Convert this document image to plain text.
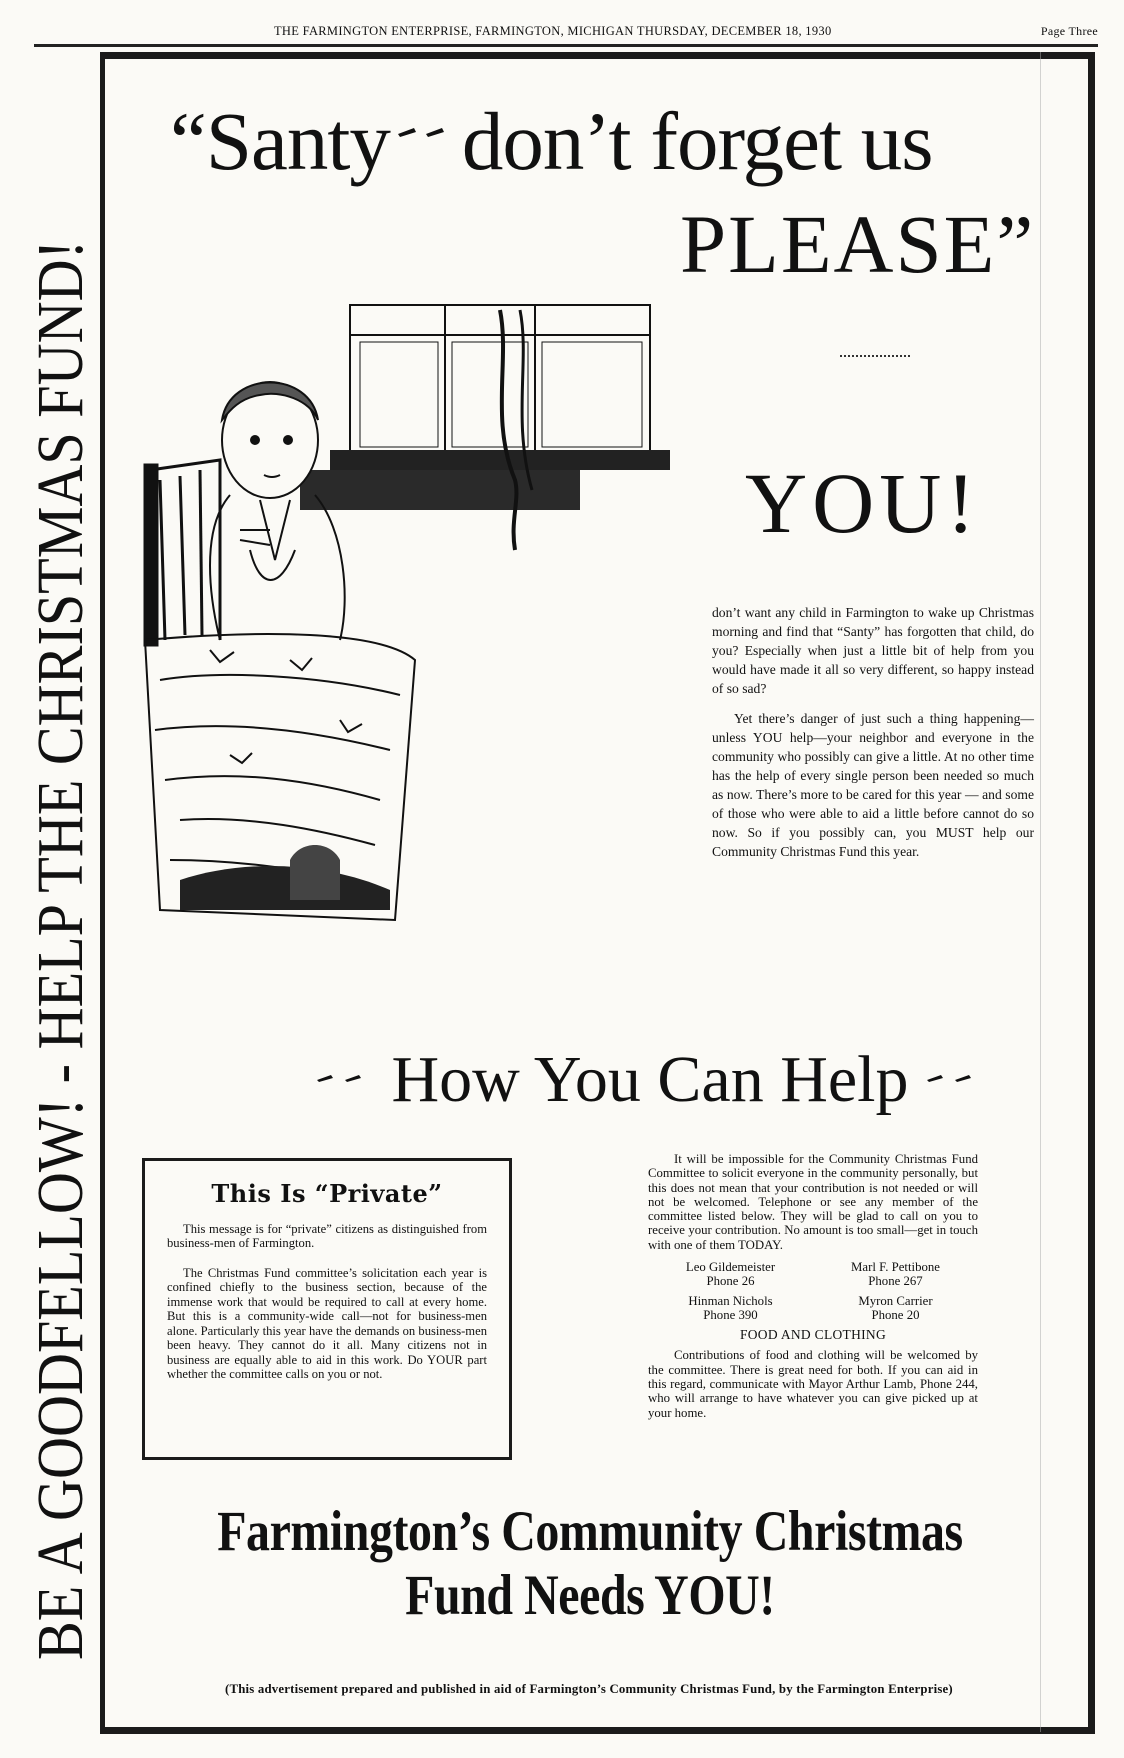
THE FARMINGTON ENTERPRISE, FARMINGTON, MICHIGAN THURSDAY, DECEMBER 18, 1930	Page Three
BE A GOODFELLOW! - HELP THE CHRISTMAS FUND! “Santy don’t forget us
PLEASE”
YOU!

don’t want any child in Farmington to wake up Christmas morning and find that “Santy” has forgotten that child, do you? Especially when just a little bit of help from you would have made it all so very different, so happy instead of so sad?

Yet there’s danger of just such a thing happening—unless YOU help—your neighbor and everyone in the community who possibly can give a little. At no other time has the help of every single person been needed so much as now. There’s more to be cared for this year — and some of those who were able to aid a little before cannot do so now. So if you possibly can, you MUST help our Community Christmas Fund this year.

How You Can Help
This Is “Private”

This message is for “private” citizens as distinguished from business-men of Farmington.

The Christmas Fund committee’s solicitation each year is confined chiefly to the business section, because of the immense work that would be required to call at every home. But this is a community-wide call—not for business-men alone. Particularly this year have the demands on business-men been heavy. They cannot do it all. Many citizens not in business are equally able to aid in this work. Do YOUR part whether the committee calls on you or not.

It will be impossible for the Community Christmas Fund Committee to solicit everyone in the community personally, but this does not mean that your contribution is not needed or will not be welcomed. Telephone or see any member of the committee listed below. They will be glad to call on you to receive your contribution. No amount is too small—get in touch with one of them TODAY.

Leo Gildemeister
Phone 26
Marl F. Pettibone
Phone 267
Hinman Nichols
Phone 390
Myron Carrier
Phone 20
FOOD AND CLOTHING

Contributions of food and clothing will be welcomed by the committee. There is great need for both. If you can aid in this regard, communicate with Mayor Arthur Lamb, Phone 244, who will arrange to have whatever you can give picked up at your home.

Farmington’s Community Christmas
Fund Needs YOU!
(This advertisement prepared and published in aid of Farmington’s Community Christmas Fund, by the Farmington Enterprise)
